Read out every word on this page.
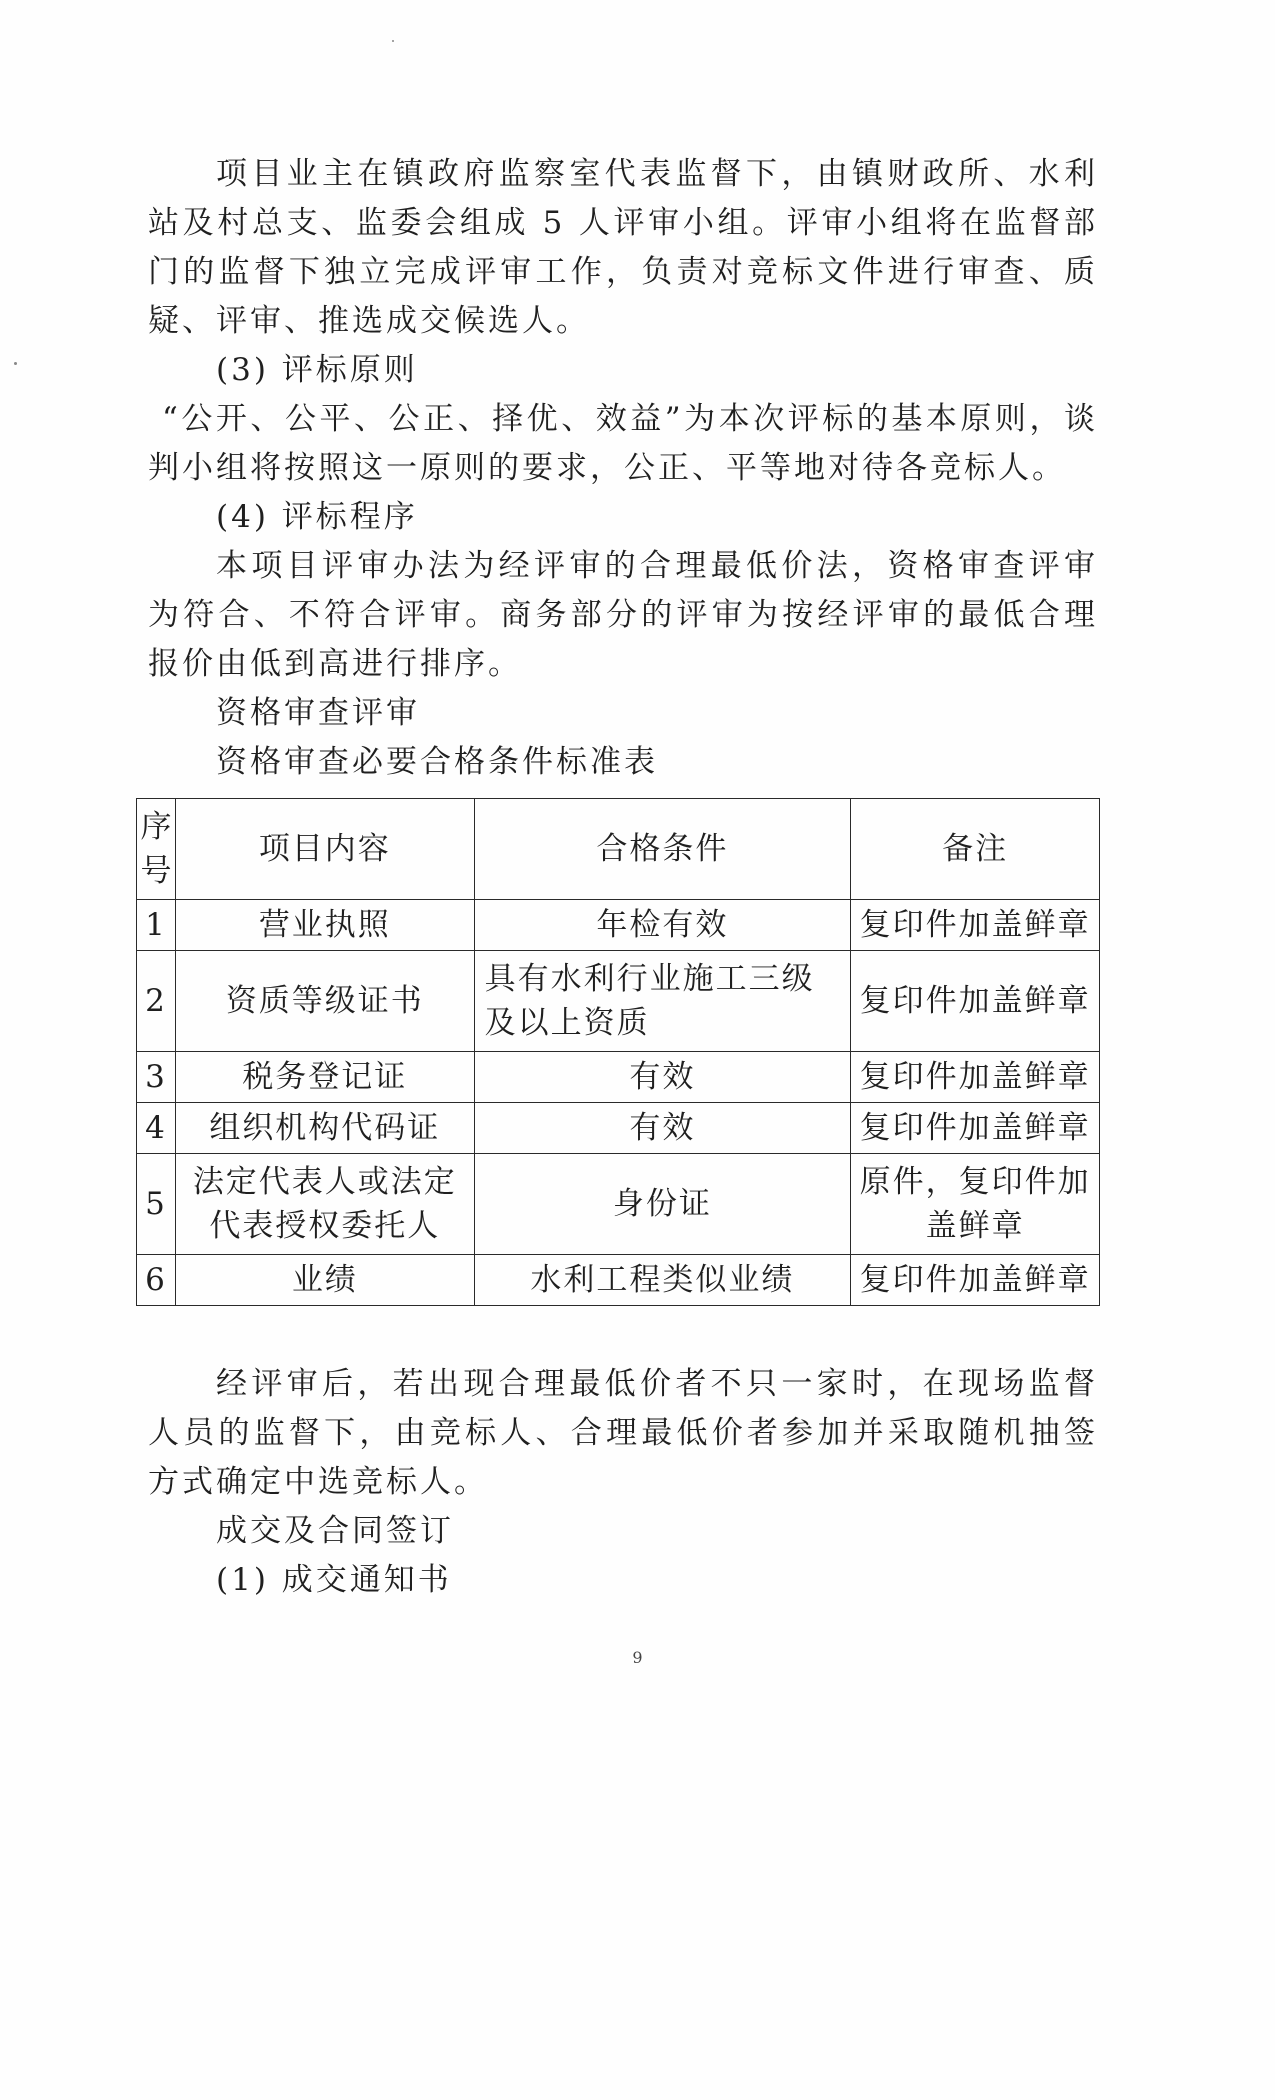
项目业主在镇政府监察室代表监督下，由镇财政所、水利站及村总支、监委会组成 5 人评审小组。评审小组将在监督部门的监督下独立完成评审工作，负责对竞标文件进行审查、质疑、评审、推选成交候选人。

(3) 评标原则

“公开、公平、公正、择优、效益”为本次评标的基本原则，谈判小组将按照这一原则的要求，公正、平等地对待各竞标人。

(4) 评标程序

本项目评审办法为经评审的合理最低价法，资格审查评审为符合、不符合评审。商务部分的评审为按经评审的最低合理报价由低到高进行排序。

资格审查评审

资格审查必要合格条件标准表

序号	项目内容	合格条件	备注
1	营业执照	年检有效	复印件加盖鲜章
2	资质等级证书	具有水利行业施工三级及以上资质	复印件加盖鲜章
3	税务登记证	有效	复印件加盖鲜章
4	组织机构代码证	有效	复印件加盖鲜章
5	法定代表人或法定代表授权委托人	身份证	原件，复印件加盖鲜章
6	业绩	水利工程类似业绩	复印件加盖鲜章

经评审后，若出现合理最低价者不只一家时，在现场监督人员的监督下，由竞标人、合理最低价者参加并采取随机抽签方式确定中选竞标人。

成交及合同签订

(1) 成交通知书

9
